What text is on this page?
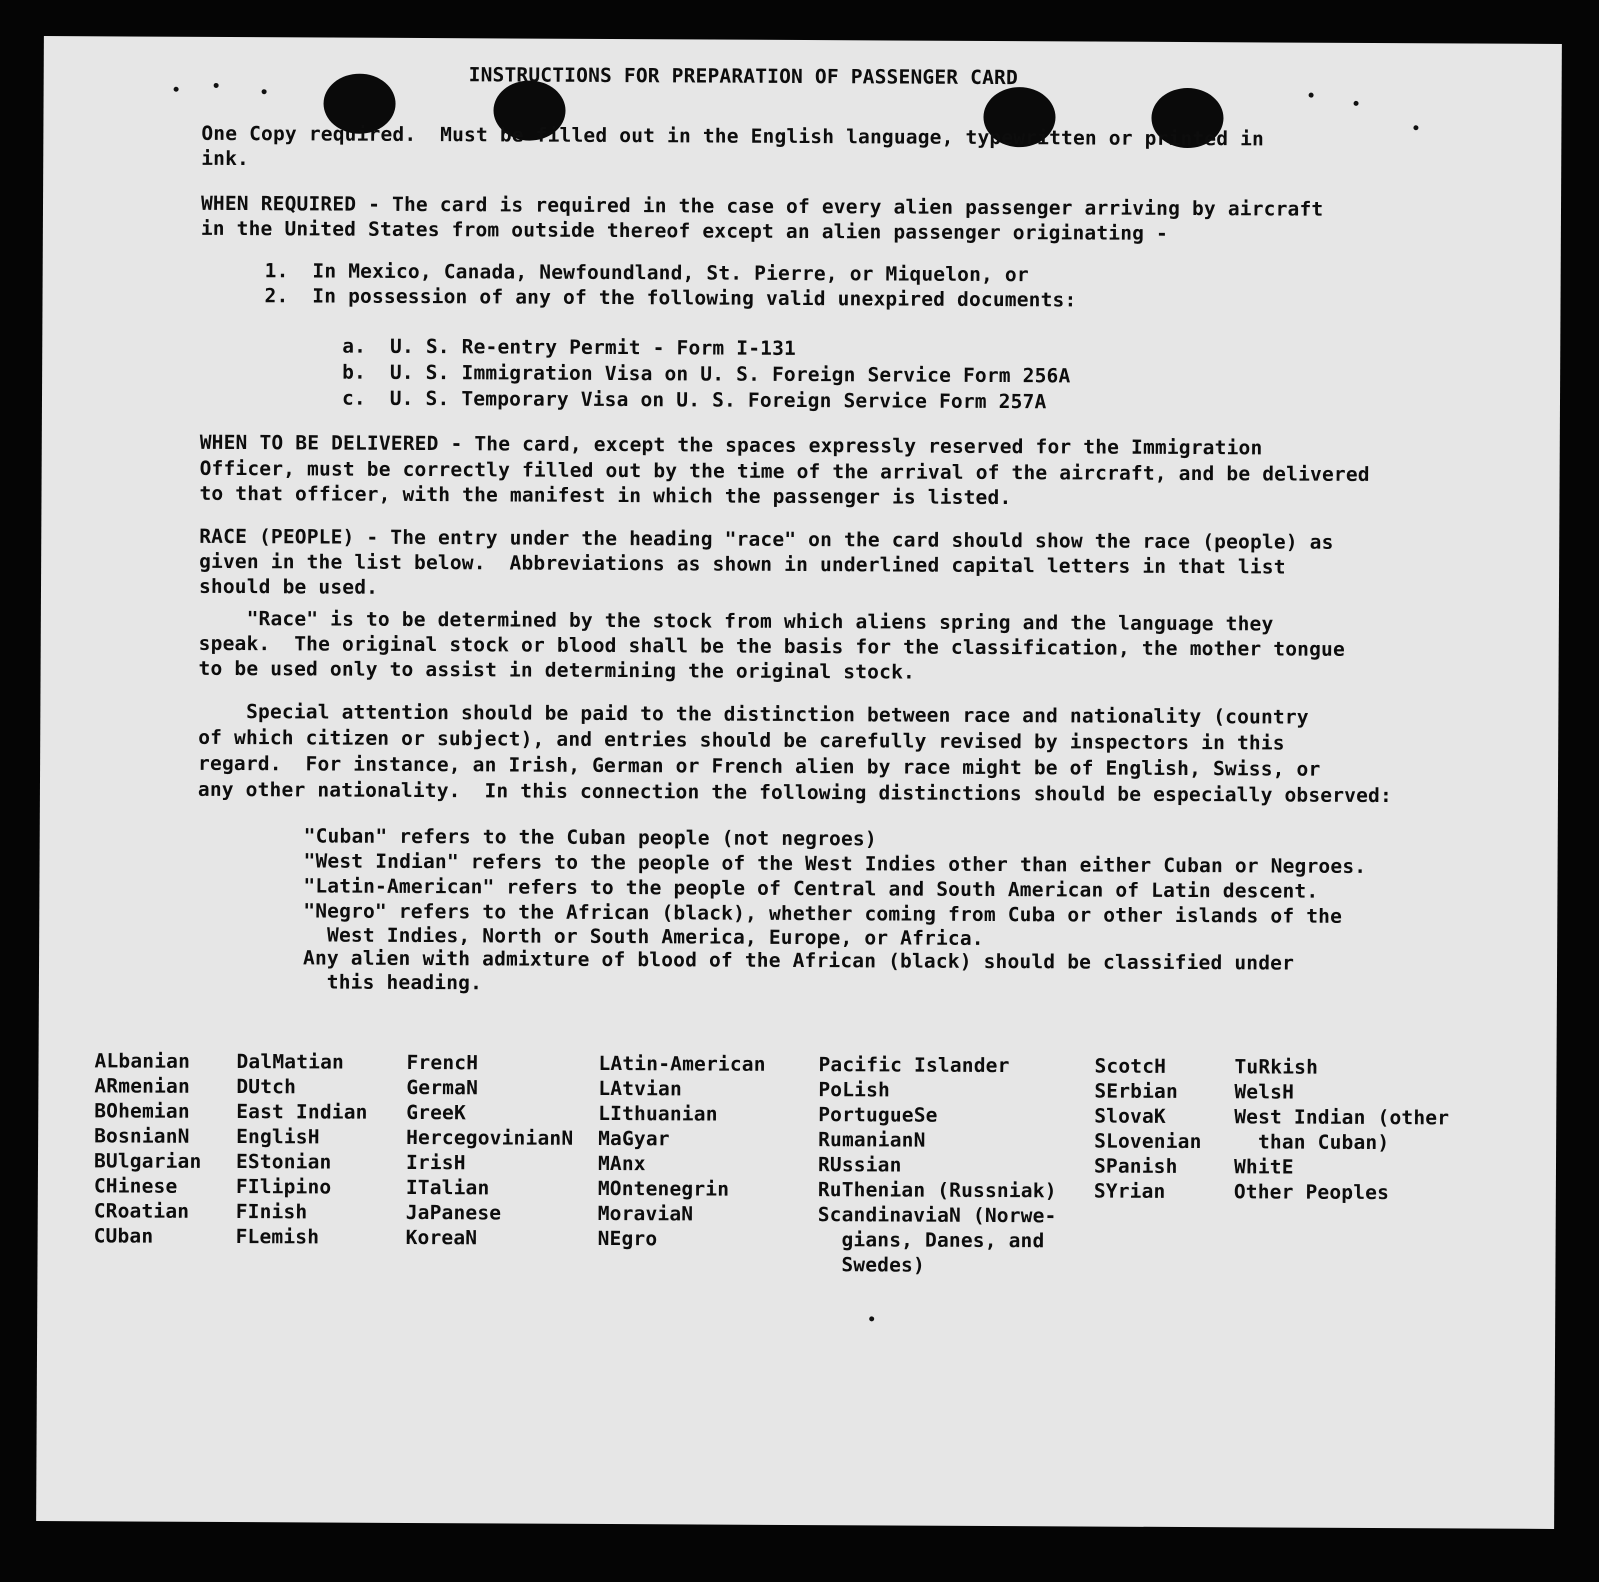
INSTRUCTIONS FOR PREPARATION OF PASSENGER CARD

One Copy required.  Must be filled out in the English language, typewritten or printed in

ink.

WHEN REQUIRED - The card is required in the case of every alien passenger arriving by aircraft

in the United States from outside thereof except an alien passenger originating -

1.  In Mexico, Canada, Newfoundland, St. Pierre, or Miquelon, or

2.  In possession of any of the following valid unexpired documents:

a.  U. S. Re-entry Permit - Form I-131

b.  U. S. Immigration Visa on U. S. Foreign Service Form 256A

c.  U. S. Temporary Visa on U. S. Foreign Service Form 257A

WHEN TO BE DELIVERED - The card, except the spaces expressly reserved for the Immigration

Officer, must be correctly filled out by the time of the arrival of the aircraft, and be delivered

to that officer, with the manifest in which the passenger is listed.

RACE (PEOPLE) - The entry under the heading "race" on the card should show the race (people) as

given in the list below.  Abbreviations as shown in underlined capital letters in that list

should be used.

"Race" is to be determined by the stock from which aliens spring and the language they

speak.  The original stock or blood shall be the basis for the classification, the mother tongue

to be used only to assist in determining the original stock.

Special attention should be paid to the distinction between race and nationality (country

of which citizen or subject), and entries should be carefully revised by inspectors in this

regard.  For instance, an Irish, German or French alien by race might be of English, Swiss, or

any other nationality.  In this connection the following distinctions should be especially observed:

"Cuban" refers to the Cuban people (not negroes)

"West Indian" refers to the people of the West Indies other than either Cuban or Negroes.

"Latin-American" refers to the people of Central and South American of Latin descent.

"Negro" refers to the African (black), whether coming from Cuba or other islands of the

West Indies, North or South America, Europe, or Africa.

Any alien with admixture of blood of the African (black) should be classified under

this heading.

ALbanian

ARmenian

BOhemian

BosnianN

BUlgarian

CHinese

CRoatian

CUban

DalMatian

DUtch

East Indian

EnglisH

EStonian

FIlipino

FInish

FLemish

FrencH

GermaN

GreeK

HercegovinianN

IrisH

ITalian

JaPanese

KoreaN

LAtin-American

LAtvian

LIthuanian

MaGyar

MAnx

MOntenegrin

MoraviaN

NEgro

Pacific Islander

PoLish

PortugueSe

RumanianN

RUssian

RuThenian (Russniak)

ScandinaviaN (Norwe-

gians, Danes, and

Swedes)

ScotcH

SErbian

SlovaK

SLovenian

SPanish

SYrian

TuRkish

WelsH

West Indian (other

than Cuban)

WhitE

Other Peoples
